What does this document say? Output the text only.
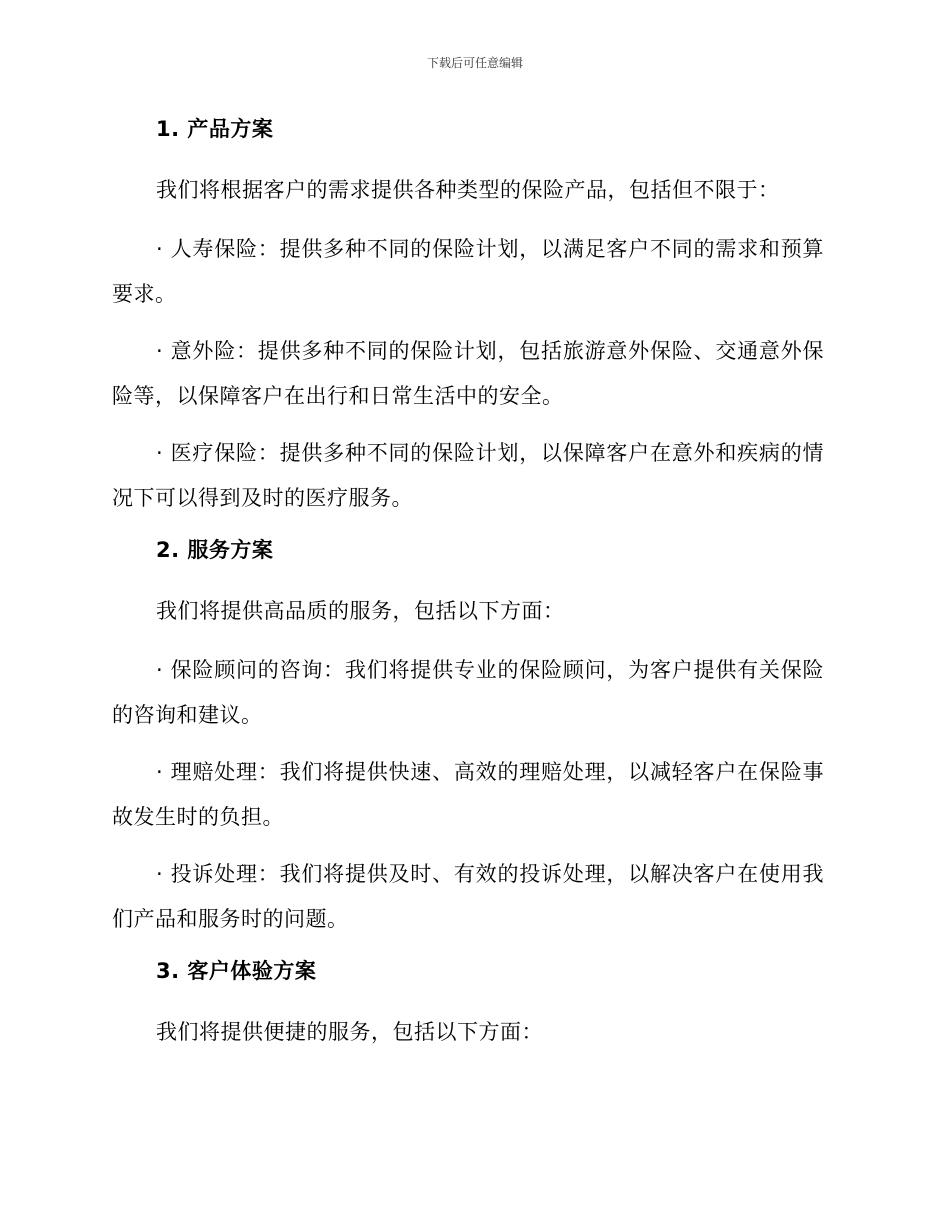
下载后可任意编辑
1. 产品方案

我们将根据客户的需求提供各种类型的保险产品，包括但不限于：

· 人寿保险：提供多种不同的保险计划，以满足客户不同的需求和预算要求。

· 意外险：提供多种不同的保险计划，包括旅游意外保险、交通意外保险等，以保障客户在出行和日常生活中的安全。

· 医疗保险：提供多种不同的保险计划，以保障客户在意外和疾病的情况下可以得到及时的医疗服务。

2. 服务方案

我们将提供高品质的服务，包括以下方面：

· 保险顾问的咨询：我们将提供专业的保险顾问，为客户提供有关保险的咨询和建议。

· 理赔处理：我们将提供快速、高效的理赔处理，以减轻客户在保险事故发生时的负担。

· 投诉处理：我们将提供及时、有效的投诉处理，以解决客户在使用我们产品和服务时的问题。

3. 客户体验方案

我们将提供便捷的服务，包括以下方面：
